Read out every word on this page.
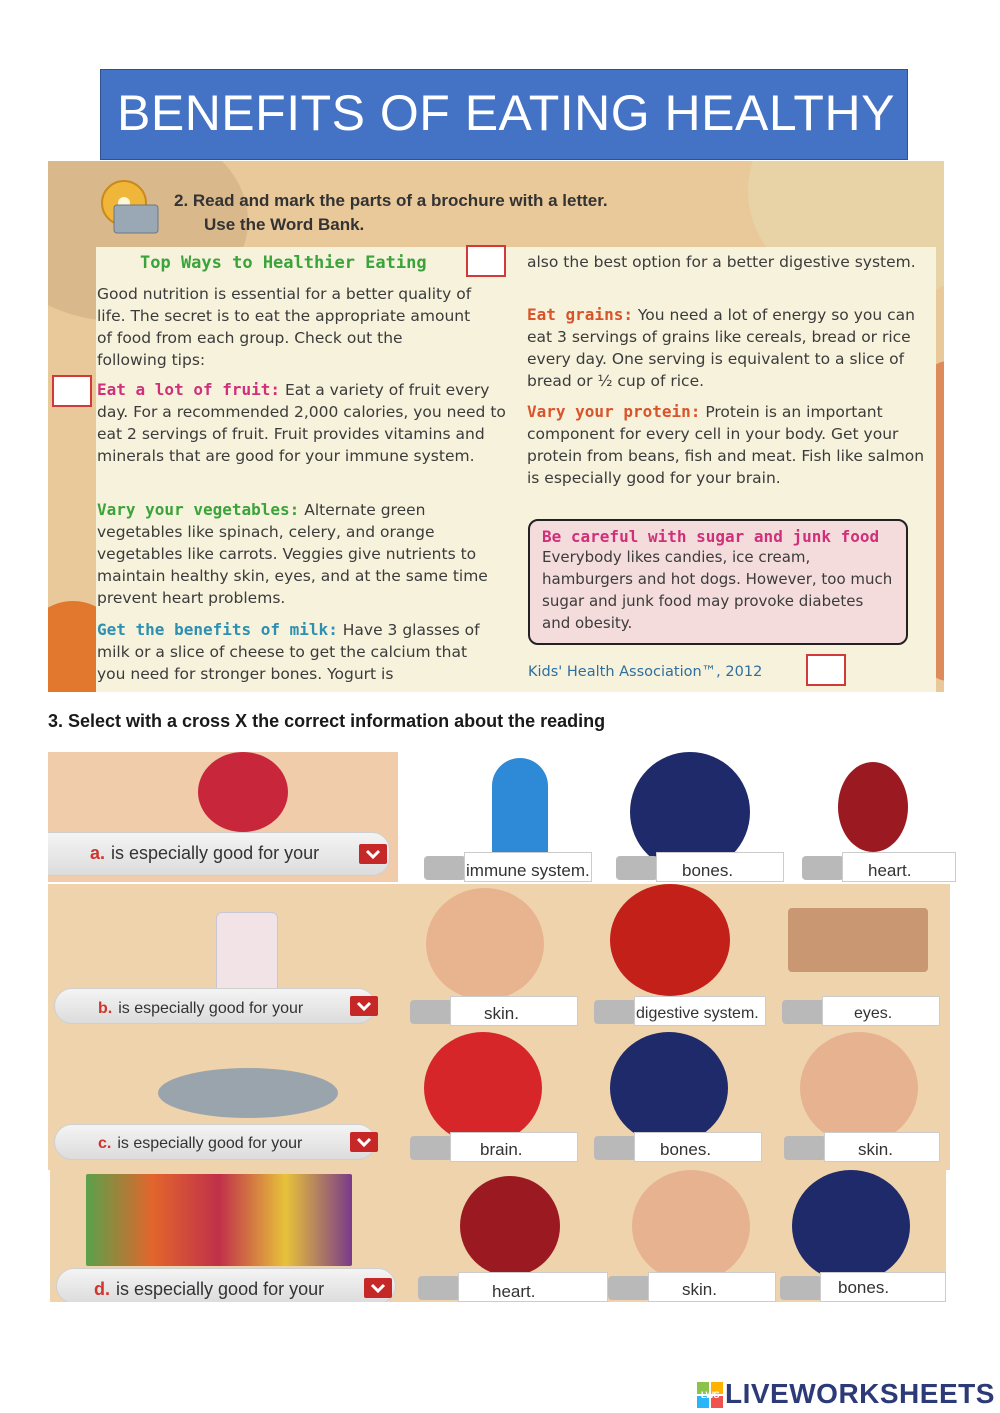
BENEFITS OF EATING HEALTHY
2. Read and mark the parts of a brochure with a letter.
Use the Word Bank.
Top Ways to Healthier Eating
Good nutrition is essential for a better quality of life. The secret is to eat the appropriate amount of food from each group. Check out the following tips:
Eat a lot of fruit: Eat a variety of fruit every day. For a recommended 2,000 calories, you need to eat 2 servings of fruit. Fruit provides vitamins and minerals that are good for your immune system.
Vary your vegetables: Alternate green vegetables like spinach, celery, and orange vegetables like carrots. Veggies give nutrients to maintain healthy skin, eyes, and at the same time prevent heart problems.
Get the benefits of milk: Have 3 glasses of milk or a slice of cheese to get the calcium that you need for stronger bones. Yogurt is
also the best option for a better digestive system.
Eat grains: You need a lot of energy so you can eat 3 servings of grains like cereals, bread or rice every day. One serving is equivalent to a slice of bread or ½ cup of rice.
Vary your protein: Protein is an important component for every cell in your body. Get your protein from beans, fish and meat. Fish like salmon is especially good for your brain.
Be careful with sugar and junk food
Everybody likes candies, ice cream, hamburgers and hot dogs. However, too much sugar and junk food may provoke diabetes and obesity.
Kids' Health Association™, 2012
3. Select with a cross X the correct information about the reading
a. is especially good for your
immune system.	bones.	heart.
b. is especially good for your	skin.	digestive system.	eyes.
c. is especially good for your	brain.	bones.	skin.
d. is especially good for your	heart.	skin.	bones.
LWS LIVEWORKSHEETS
